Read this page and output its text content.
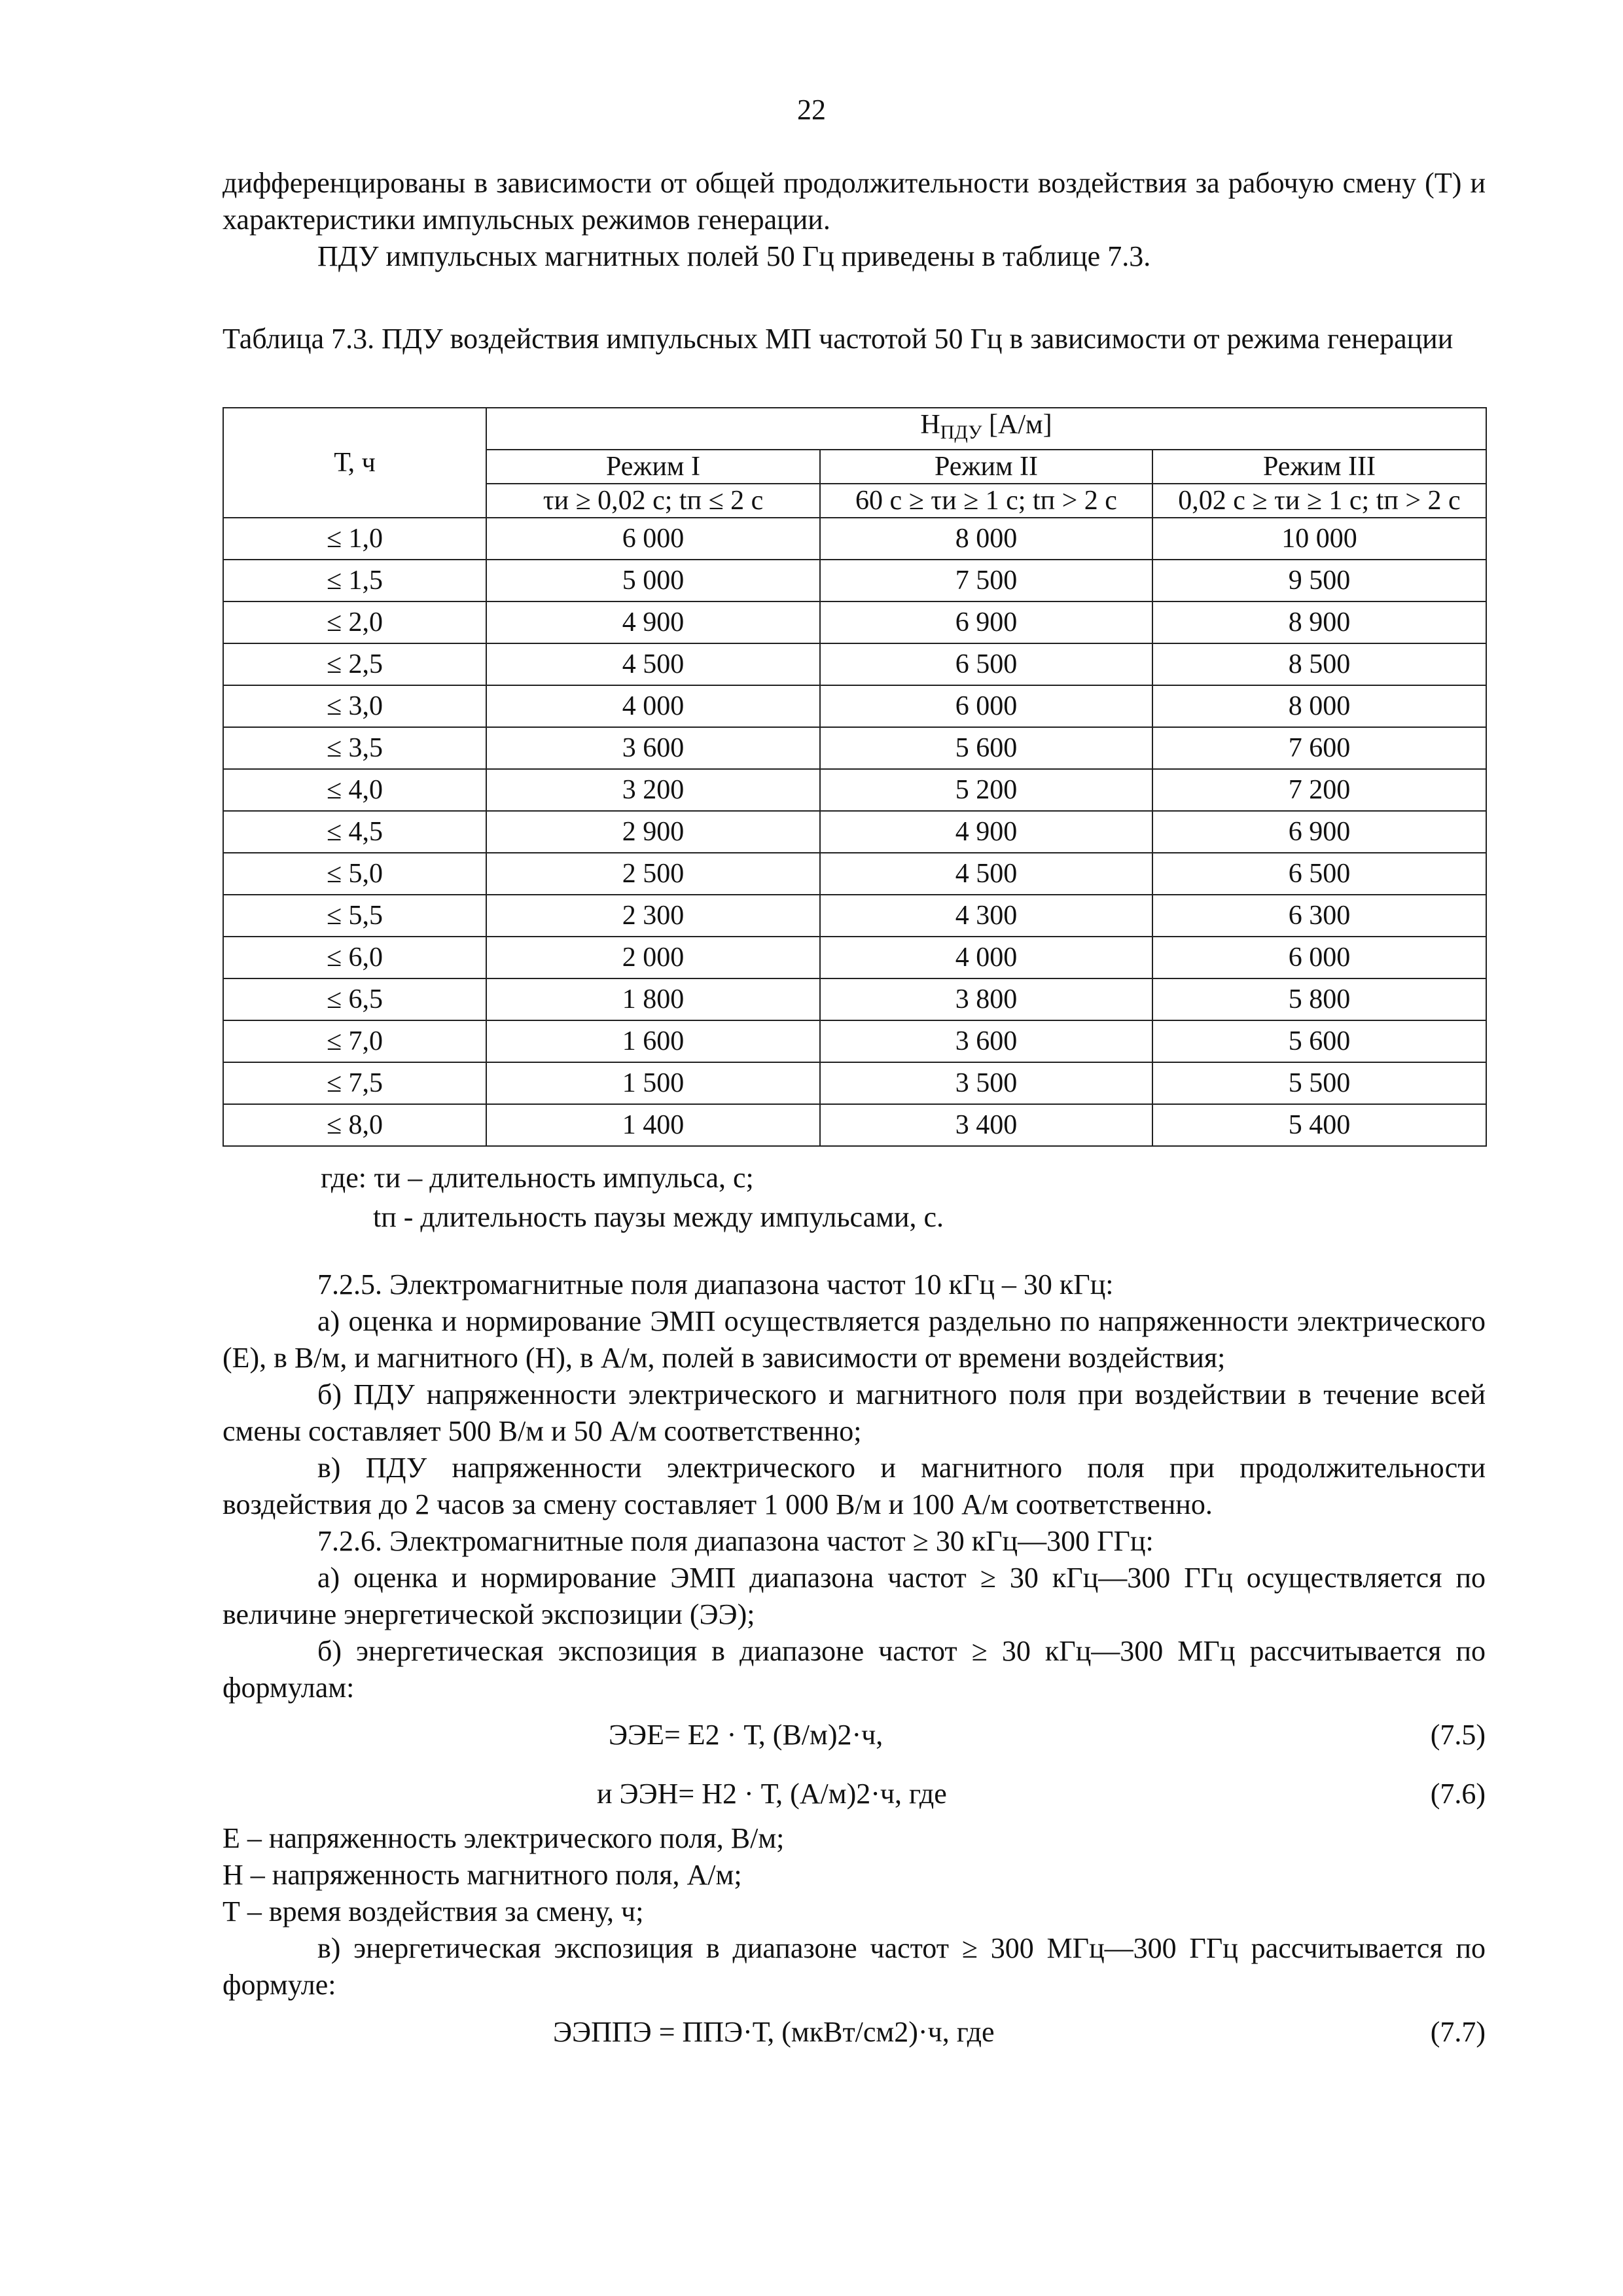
22

дифференцированы в зависимости от общей продолжительности воздействия за рабочую смену (Т) и характеристики импульсных режимов генерации.

ПДУ импульсных магнитных полей 50 Гц приведены в таблице 7.3.

Таблица 7.3. ПДУ воздействия импульсных МП частотой 50 Гц в зависимости от режима генерации

Т, ч	$H_{ПДУ}$ [А/м]		
	Режим I	Режим II	Режим III
	τи ≥ 0,02 с; tп ≤ 2 с	60 с ≥ τи ≥ 1 с; tп > 2 с	0,02 с ≥ τи ≥ 1 с; tп > 2 с
≤ 1,0	6 000	8 000	10 000
≤ 1,5	5 000	7 500	9 500
≤ 2,0	4 900	6 900	8 900
≤ 2,5	4 500	6 500	8 500
≤ 3,0	4 000	6 000	8 000
≤ 3,5	3 600	5 600	7 600
≤ 4,0	3 200	5 200	7 200
≤ 4,5	2 900	4 900	6 900
≤ 5,0	2 500	4 500	6 500
≤ 5,5	2 300	4 300	6 300
≤ 6,0	2 000	4 000	6 000
≤ 6,5	1 800	3 800	5 800
≤ 7,0	1 600	3 600	5 600
≤ 7,5	1 500	3 500	5 500
≤ 8,0	1 400	3 400	5 400
где: τи – длительность импульса, с;
tп - длительность паузы между импульсами, с.

7.2.5. Электромагнитные поля диапазона частот 10 кГц – 30 кГц:

а) оценка и нормирование ЭМП осуществляется раздельно по напряженности электрического (Е), в В/м, и магнитного (Н), в А/м, полей в зависимости от времени воздействия;

б) ПДУ напряженности электрического и магнитного поля при воздействии в течение всей смены составляет 500 В/м и 50 А/м соответственно;

в) ПДУ напряженности электрического и магнитного поля при продолжительности воздействия до 2 часов за смену составляет 1 000 В/м и 100 А/м соответственно.

7.2.6. Электромагнитные поля диапазона частот ≥ 30 кГц—300 ГГц:

а) оценка и нормирование ЭМП диапазона частот ≥ 30 кГц—300 ГГц осуществляется по величине энергетической экспозиции (ЭЭ);

б) энергетическая экспозиция в диапазоне частот ≥ 30 кГц—300 МГц рассчитывается по формулам:

ЭЭЕ= Е2 · Т, (В/м)2·ч,	(7.5)
и ЭЭН= Н2 · Т, (А/м)2·ч, где	(7.6)

Е – напряженность электрического поля, В/м;

Н – напряженность магнитного поля, А/м;

Т – время воздействия за смену, ч;

в) энергетическая экспозиция в диапазоне частот ≥ 300 МГц—300 ГГц рассчитывается по формуле:

ЭЭППЭ = ППЭ·Т, (мкВт/см2)·ч, где	(7.7)
